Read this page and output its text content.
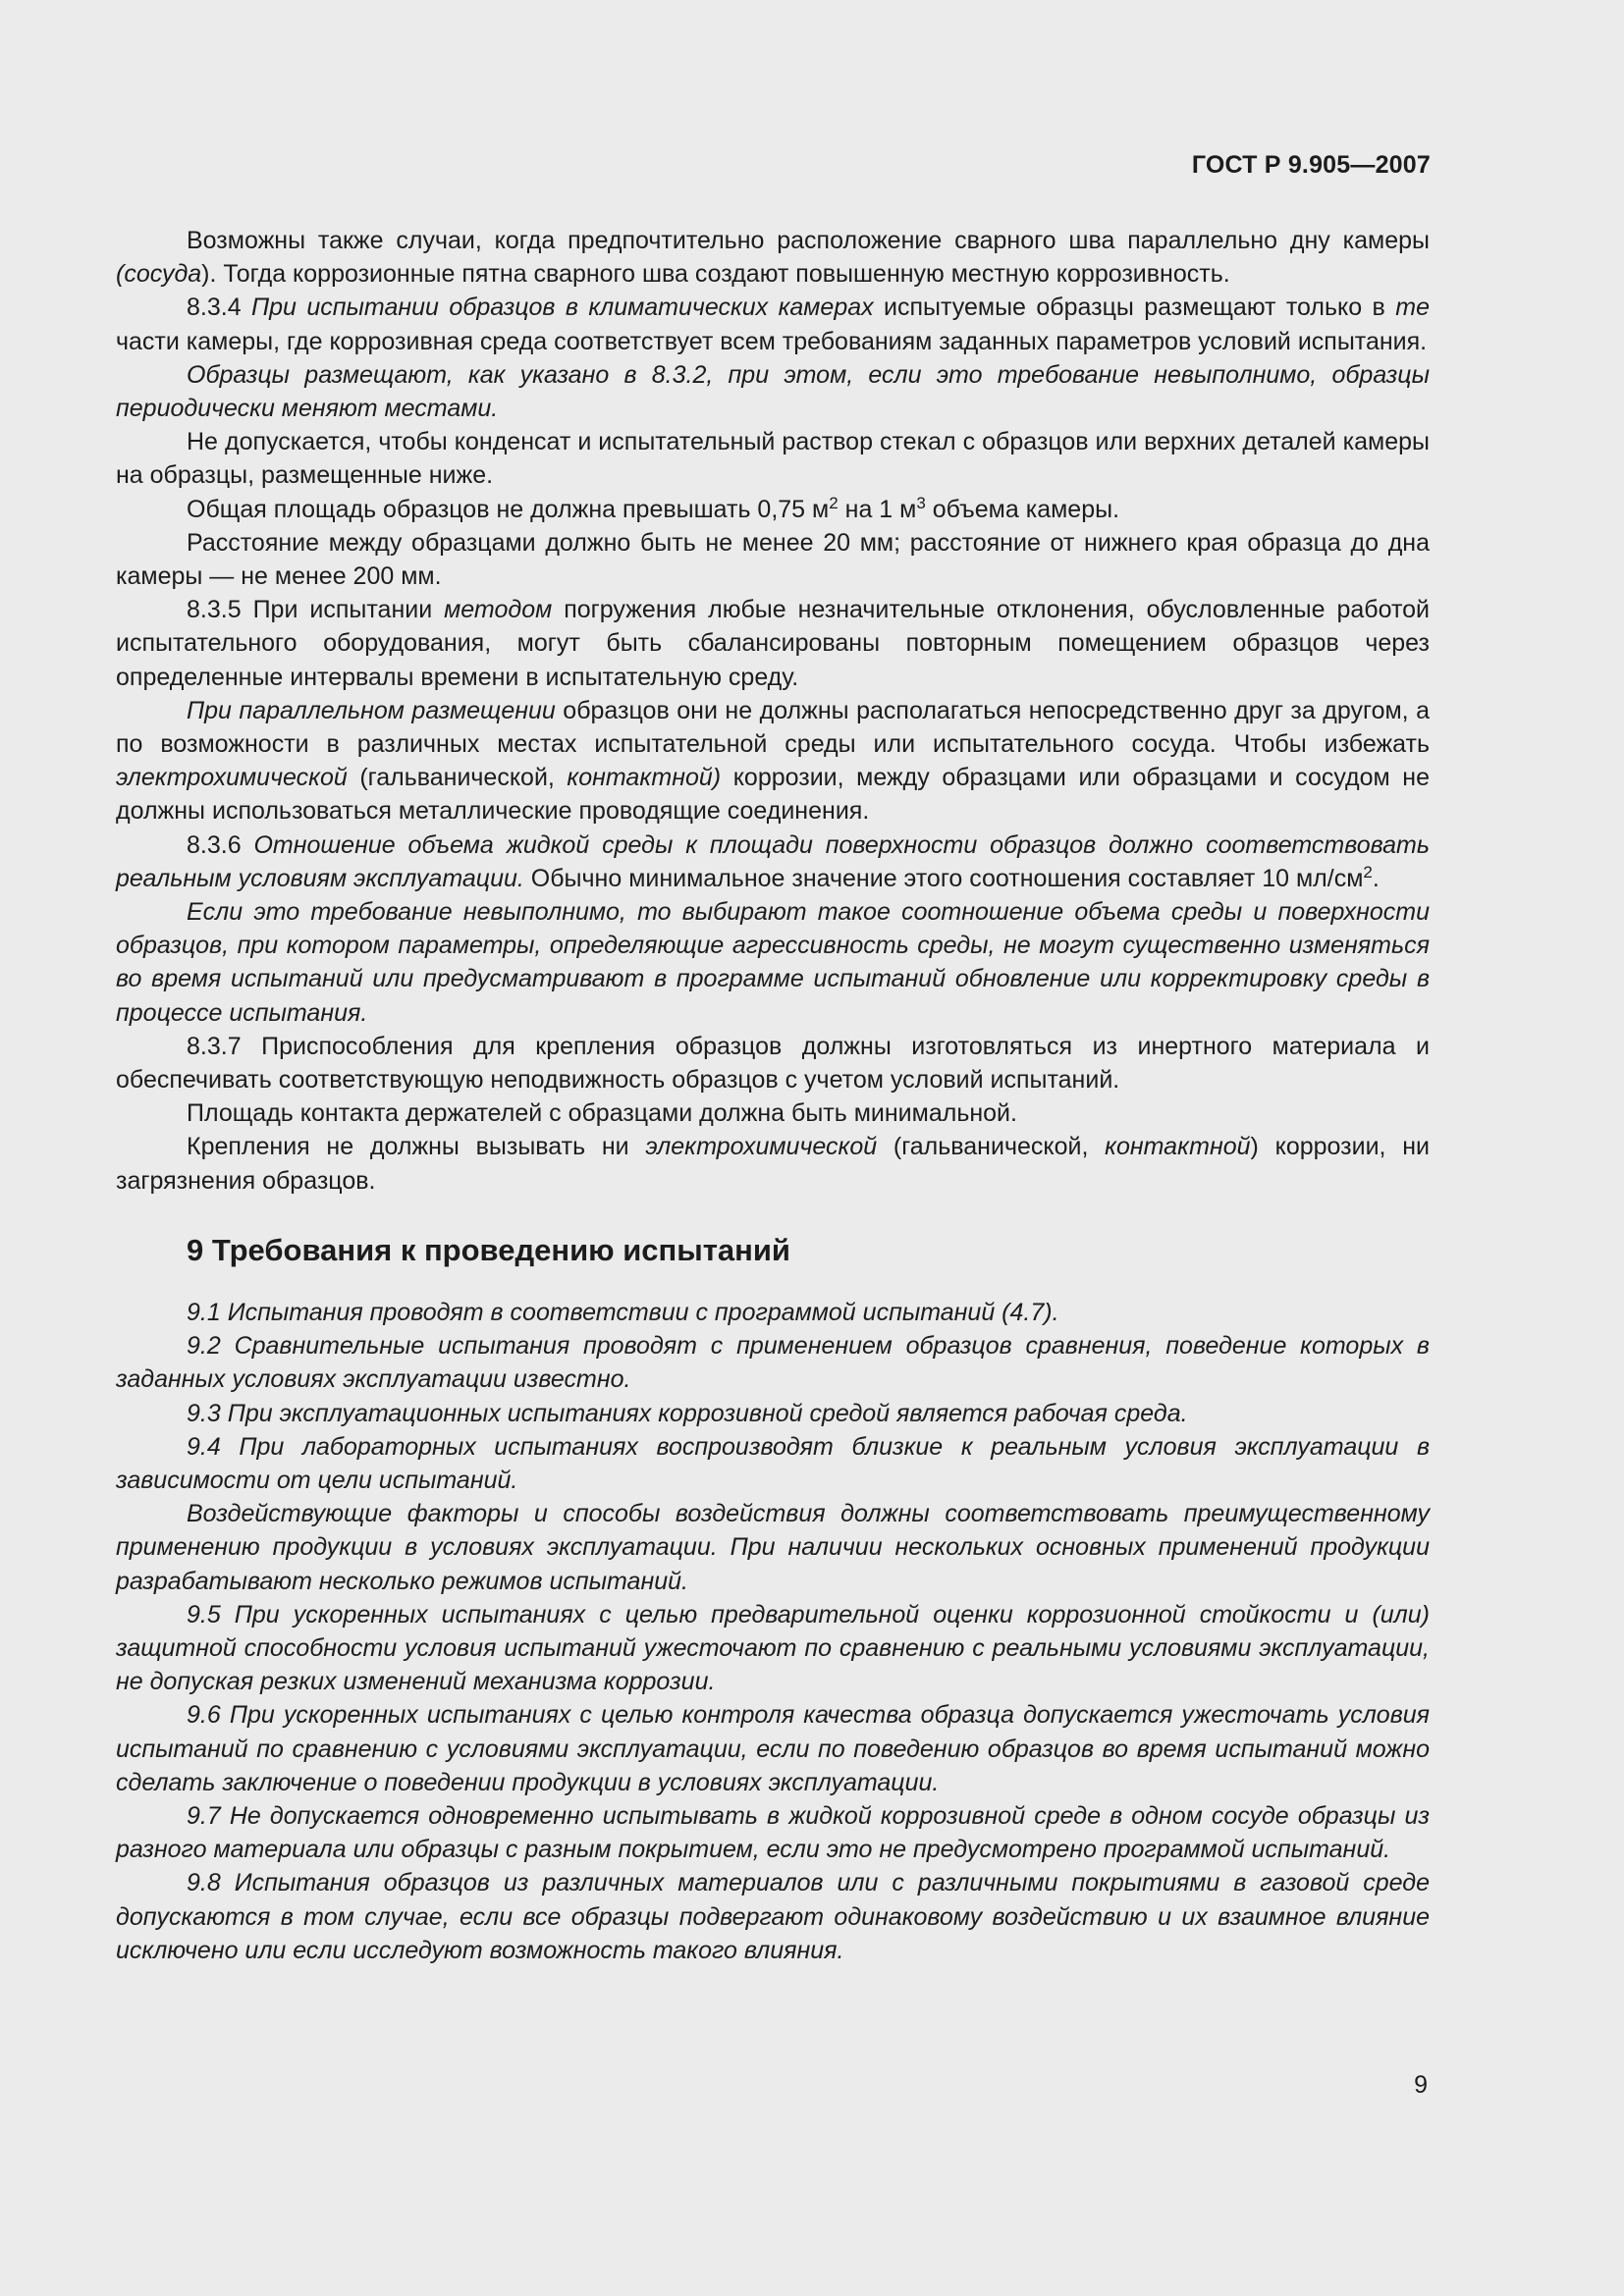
ГОСТ Р 9.905—2007

Возможны также случаи, когда предпочтительно расположение сварного шва параллельно дну камеры (сосуда). Тогда коррозионные пятна сварного шва создают повышенную местную коррозивность.

8.3.4 При испытании образцов в климатических камерах испытуемые образцы размещают только в те части камеры, где коррозивная среда соответствует всем требованиям заданных параметров условий испытания.

Образцы размещают, как указано в 8.3.2, при этом, если это требование невыполнимо, образцы периодически меняют местами.

Не допускается, чтобы конденсат и испытательный раствор стекал с образцов или верхних деталей камеры на образцы, размещенные ниже.

Общая площадь образцов не должна превышать 0,75 $м^2$ на 1 $м^3$ объема камеры.

Расстояние между образцами должно быть не менее 20 мм; расстояние от нижнего края образца до дна камеры — не менее 200 мм.

8.3.5 При испытании методом погружения любые незначительные отклонения, обусловленные работой испытательного оборудования, могут быть сбалансированы повторным помещением образцов через определенные интервалы времени в испытательную среду.

При параллельном размещении образцов они не должны располагаться непосредственно друг за другом, а по возможности в различных местах испытательной среды или испытательного сосуда. Чтобы избежать электрохимической (гальванической, контактной) коррозии, между образцами или образцами и сосудом не должны использоваться металлические проводящие соединения.

8.3.6 Отношение объема жидкой среды к площади поверхности образцов должно соответствовать реальным условиям эксплуатации. Обычно минимальное значение этого соотношения составляет 10 $мл/см^2$.

Если это требование невыполнимо, то выбирают такое соотношение объема среды и поверхности образцов, при котором параметры, определяющие агрессивность среды, не могут существенно изменяться во время испытаний или предусматривают в программе испытаний обновление или корректировку среды в процессе испытания.

8.3.7 Приспособления для крепления образцов должны изготовляться из инертного материала и обеспечивать соответствующую неподвижность образцов с учетом условий испытаний.

Площадь контакта держателей с образцами должна быть минимальной.

Крепления не должны вызывать ни электрохимической (гальванической, контактной) коррозии, ни загрязнения образцов.

9 Требования к проведению испытаний

9.1 Испытания проводят в соответствии с программой испытаний (4.7).

9.2 Сравнительные испытания проводят с применением образцов сравнения, поведение которых в заданных условиях эксплуатации известно.

9.3 При эксплуатационных испытаниях коррозивной средой является рабочая среда.

9.4 При лабораторных испытаниях воспроизводят близкие к реальным условия эксплуатации в зависимости от цели испытаний.

Воздействующие факторы и способы воздействия должны соответствовать преимущественному применению продукции в условиях эксплуатации. При наличии нескольких основных применений продукции разрабатывают несколько режимов испытаний.

9.5 При ускоренных испытаниях с целью предварительной оценки коррозионной стойкости и (или) защитной способности условия испытаний ужесточают по сравнению с реальными условиями эксплуатации, не допуская резких изменений механизма коррозии.

9.6 При ускоренных испытаниях с целью контроля качества образца допускается ужесточать условия испытаний по сравнению с условиями эксплуатации, если по поведению образцов во время испытаний можно сделать заключение о поведении продукции в условиях эксплуатации.

9.7 Не допускается одновременно испытывать в жидкой коррозивной среде в одном сосуде образцы из разного материала или образцы с разным покрытием, если это не предусмотрено программой испытаний.

9.8 Испытания образцов из различных материалов или с различными покрытиями в газовой среде допускаются в том случае, если все образцы подвергают одинаковому воздействию и их взаимное влияние исключено или если исследуют возможность такого влияния.

9
